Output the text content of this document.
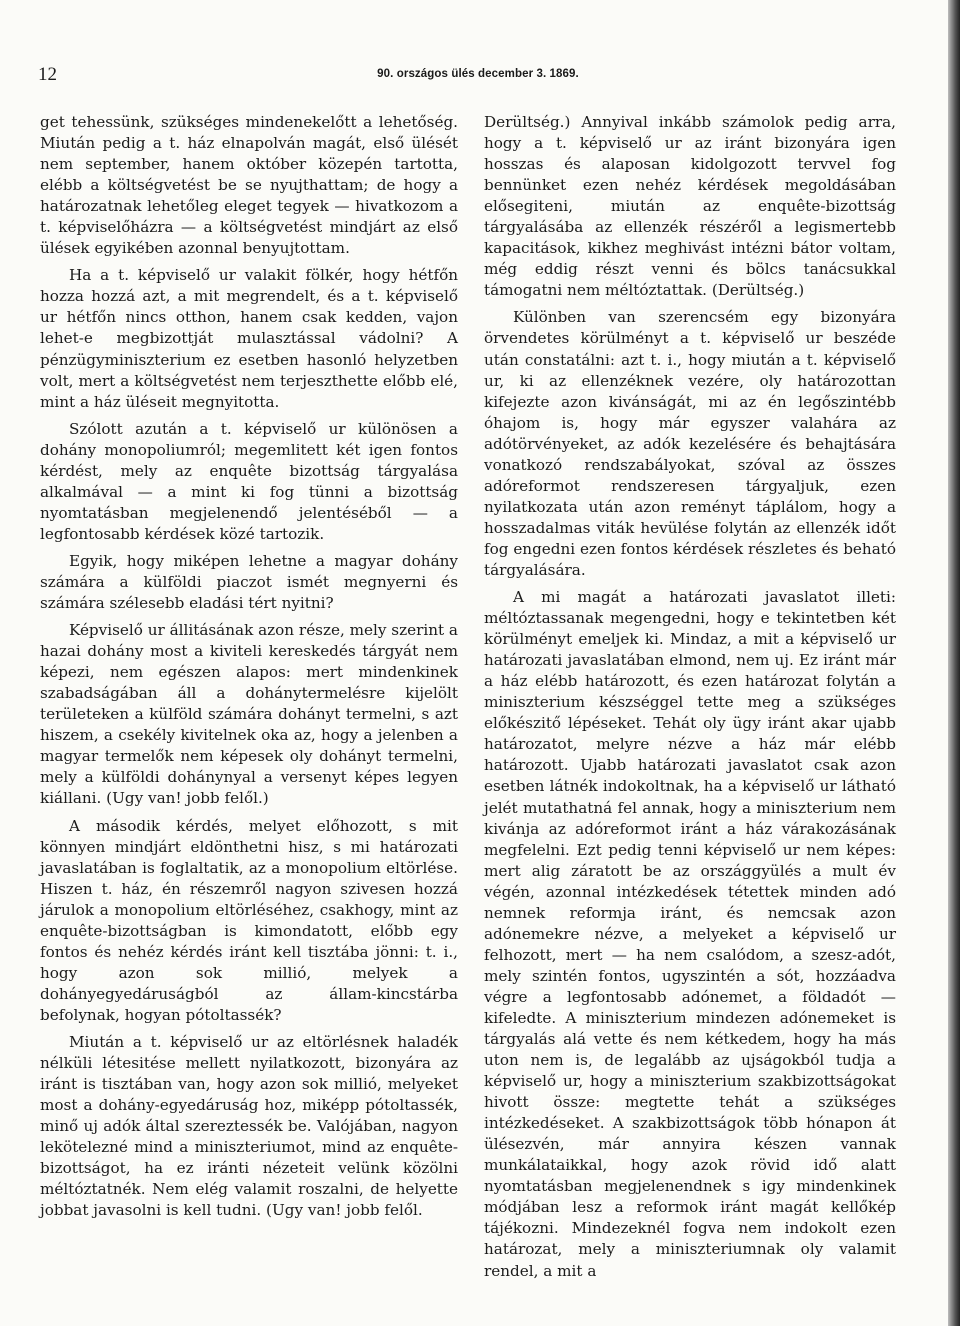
12	90. országos ülés december 3. 1869.

get tehessünk, szükséges mindenekelőtt a lehetőség. Miután pedig a t. ház elnapolván magát, első ülését nem september, hanem október közepén tartotta, elébb a költségvetést be se nyujthattam; de hogy a határozatnak lehetőleg eleget tegyek — hivatkozom a t. képviselőházra — a költségvetést mindjárt az első ülések egyikében azonnal benyujtottam.

Ha a t. képviselő ur valakit fölkér, hogy hétfőn hozza hozzá azt, a mit megrendelt, és a t. képviselő ur hétfőn nincs otthon, hanem csak kedden, vajon lehet-e megbizottját mulasztással vádolni? A pénzügyminiszterium ez esetben hasonló helyzetben volt, mert a költségvetést nem terjeszthette előbb elé, mint a ház üléseit megnyitotta.

Szólott azután a t. képviselő ur különösen a dohány monopoliumról; megemlitett két igen fontos kérdést, mely az enquête bizottság tárgyalása alkalmával — a mint ki fog tünni a bizottság nyomtatásban megjelenendő jelentéséből — a legfontosabb kérdések közé tartozik.

Egyik, hogy miképen lehetne a magyar dohány számára a külföldi piaczot ismét megnyerni és számára szélesebb eladási tért nyitni?

Képviselő ur állitásának azon része, mely szerint a hazai dohány most a kiviteli kereskedés tárgyát nem képezi, nem egészen alapos: mert mindenkinek szabadságában áll a dohánytermelésre kijelölt területeken a külföld számára dohányt termelni, s azt hiszem, a csekély kivitelnek oka az, hogy a jelenben a magyar termelők nem képesek oly dohányt termelni, mely a külföldi dohánynyal a versenyt képes legyen kiállani. (Ugy van! jobb felől.)

A második kérdés, melyet előhozott, s mit könnyen mindjárt eldönthetni hisz, s mi határozati javaslatában is foglaltatik, az a monopolium eltörlése. Hiszen t. ház, én részemről nagyon szivesen hozzá járulok a monopolium eltörléséhez, csakhogy, mint az enquête-bizottságban is kimondatott, előbb egy fontos és nehéz kérdés iránt kell tisztába jönni: t. i., hogy azon sok millió, melyek a dohányegyedáruságból az állam-kincstárba befolynak, hogyan pótoltassék?

Miután a t. képviselő ur az eltörlésnek haladék nélküli létesitése mellett nyilatkozott, bizonyára az iránt is tisztában van, hogy azon sok millió, melyeket most a dohány-egyedáruság hoz, miképp pótoltassék, minő uj adók által szereztessék be. Valójában, nagyon lekötelezné mind a miniszteriumot, mind az enquête-bizottságot, ha ez iránti nézeteit velünk közölni méltóztatnék. Nem elég valamit roszalni, de helyette jobbat javasolni is kell tudni. (Ugy van! jobb felől.

Derültség.) Annyival inkább számolok pedig arra, hogy a t. képviselő ur az iránt bizonyára igen hosszas és alaposan kidolgozott tervvel fog bennünket ezen nehéz kérdések megoldásában elősegiteni, miután az enquête-bizottság tárgyalásába az ellenzék részéről a legismertebb kapacitások, kikhez meghivást intézni bátor voltam, még eddig részt venni és bölcs tanácsukkal támogatni nem méltóztattak. (Derültség.)

Különben van szerencsém egy bizonyára örvendetes körülményt a t. képviselő ur beszéde után constatálni: azt t. i., hogy miután a t. képviselő ur, ki az ellenzéknek vezére, oly határozottan kifejezte azon kivánságát, mi az én legőszintébb óhajom is, hogy már egyszer valahára az adótörvényeket, az adók kezelésére és behajtására vonatkozó rendszabályokat, szóval az összes adóreformot rendszeresen tárgyaljuk, ezen nyilatkozata után azon reményt táplálom, hogy a hosszadalmas viták hevülése folytán az ellenzék időt fog engedni ezen fontos kérdések részletes és beható tárgyalására.

A mi magát a határozati javaslatot illeti: méltóztassanak megengedni, hogy e tekintetben két körülményt emeljek ki. Mindaz, a mit a képviselő ur határozati javaslatában elmond, nem uj. Ez iránt már a ház elébb határozott, és ezen határozat folytán a miniszterium készséggel tette meg a szükséges előkészitő lépéseket. Tehát oly ügy iránt akar ujabb határozatot, melyre nézve a ház már elébb határozott. Ujabb határozati javaslatot csak azon esetben látnék indokoltnak, ha a képviselő ur látható jelét mutathatná fel annak, hogy a miniszterium nem kivánja az adóreformot iránt a ház várakozásának megfelelni. Ezt pedig tenni képviselő ur nem képes: mert alig záratott be az országgyülés a mult év végén, azonnal intézkedések tétettek minden adó nemnek reformja iránt, és nemcsak azon adónemekre nézve, a melyeket a képviselő ur felhozott, mert — ha nem csalódom, a szesz-adót, mely szintén fontos, ugyszintén a sót, hozzáadva végre a legfontosabb adónemet, a földadót — kifeledte. A miniszterium mindezen adónemeket is tárgyalás alá vette és nem kétkedem, hogy ha más uton nem is, de legalább az ujságokból tudja a képviselő ur, hogy a miniszterium szakbizottságokat hivott össze: megtette tehát a szükséges intézkedéseket. A szakbizottságok több hónapon át ülésezvén, már annyira készen vannak munkálataikkal, hogy azok rövid idő alatt nyomtatásban megjelenendnek s igy mindenkinek módjában lesz a reformok iránt magát kellőkép tájékozni. Mindezeknél fogva nem indokolt ezen határozat, mely a miniszteriumnak oly valamit rendel, a mit a
